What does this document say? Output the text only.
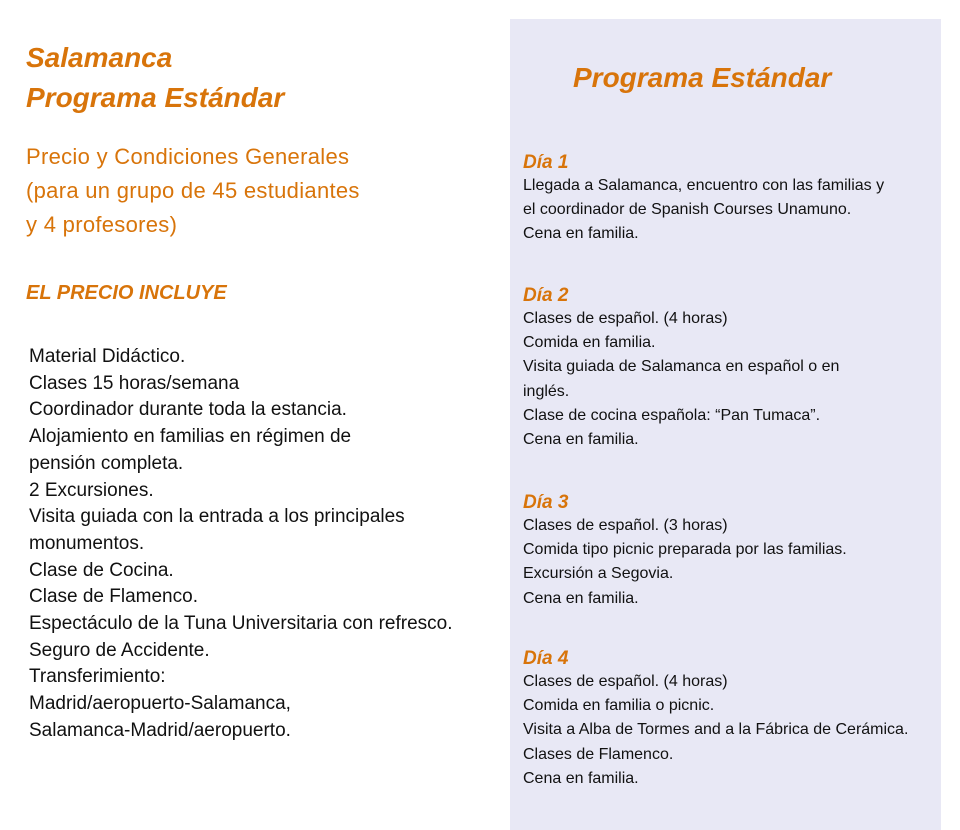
Salamanca
Programa Estándar
Precio y Condiciones Generales
(para un grupo de 45 estudiantes
y 4 profesores)
EL PRECIO INCLUYE
Material Didáctico.
Clases 15 horas/semana
Coordinador durante toda la estancia.
Alojamiento en familias en régimen de
pensión completa.
2 Excursiones.
Visita guiada con la entrada a los principales
monumentos.
Clase de Cocina.
Clase de Flamenco.
Espectáculo de la Tuna Universitaria con refresco.
Seguro de Accidente.
Transferimiento:
Madrid/aeropuerto-Salamanca,
Salamanca-Madrid/aeropuerto.
Programa Estándar
Día 1
Llegada a Salamanca, encuentro con las familias y
el coordinador de Spanish Courses Unamuno.
Cena en familia.
Día 2
Clases de español. (4 horas)
Comida en familia.
Visita guiada de Salamanca en español o en
inglés.
Clase de cocina española: “Pan Tumaca”.
Cena en familia.
Día 3
Clases de español. (3 horas)
Comida tipo picnic preparada por las familias.
Excursión a Segovia.
Cena en familia.
Día 4
Clases de español. (4 horas)
Comida en familia o picnic.
Visita a Alba de Tormes and a la Fábrica de Cerámica.
Clases de Flamenco.
Cena en familia.
